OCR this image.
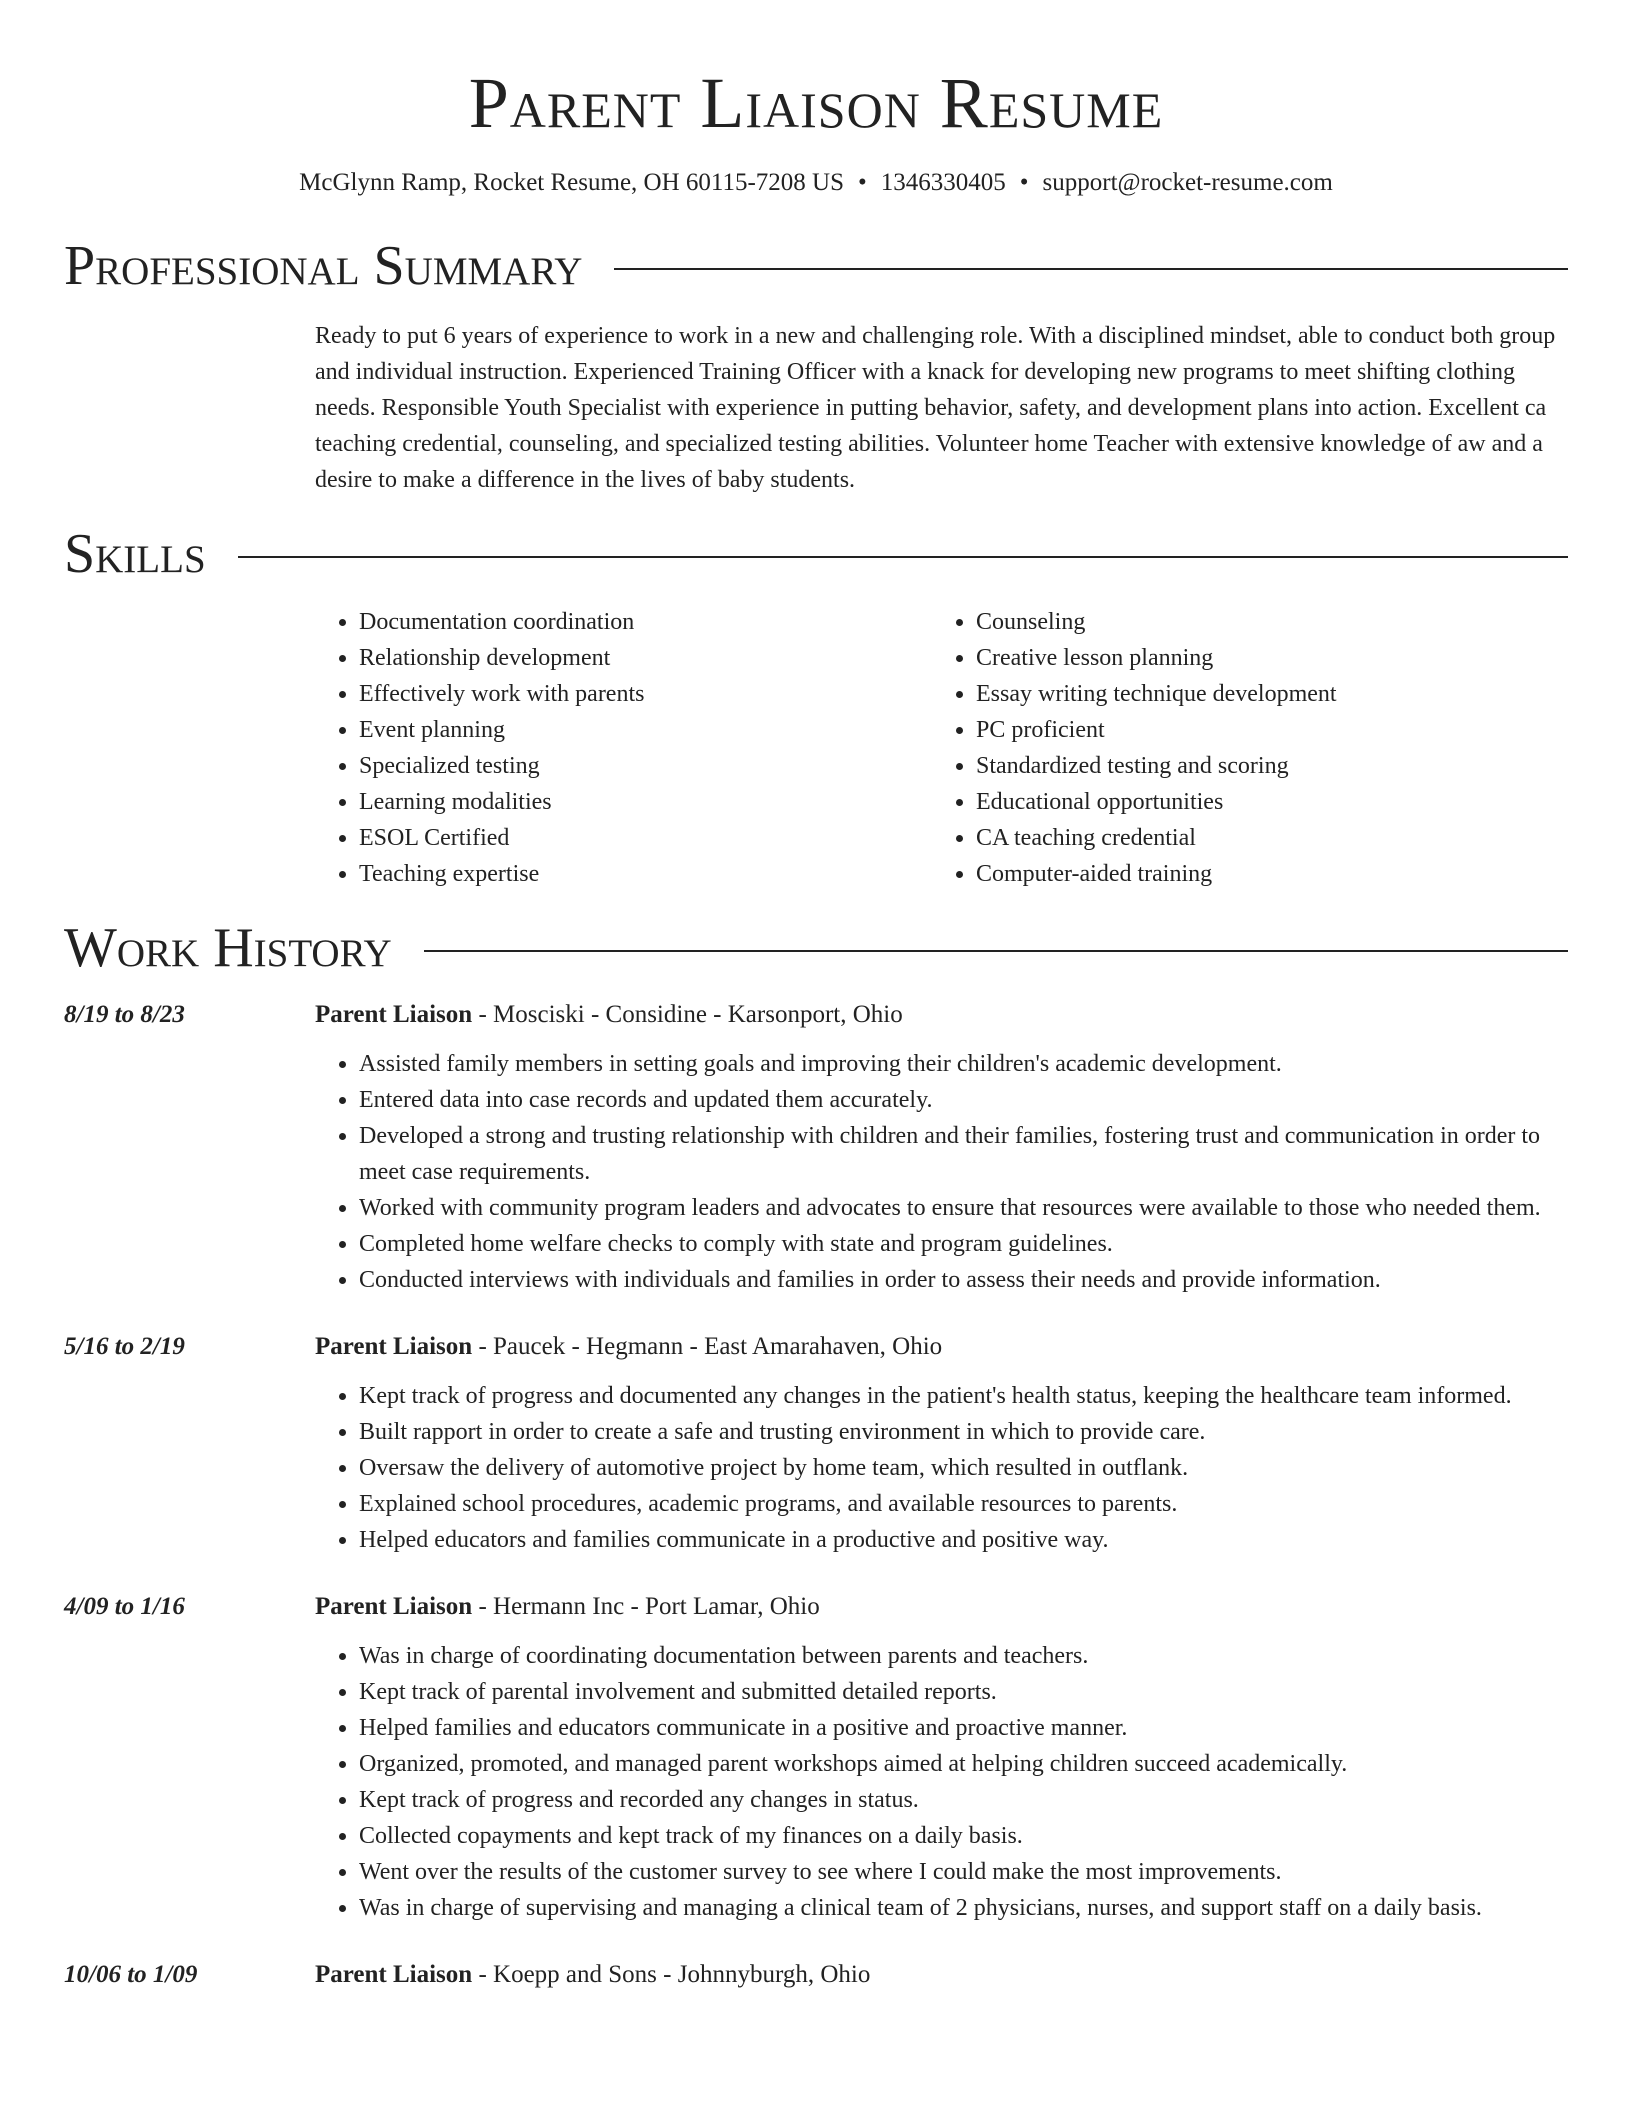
Parent Liaison Resume
McGlynn Ramp, Rocket Resume, OH 60115-7208 US • 1346330405 • support@rocket-resume.com
Professional Summary

Ready to put 6 years of experience to work in a new and challenging role. With a disciplined mindset, able to conduct both group and individual instruction. Experienced Training Officer with a knack for developing new programs to meet shifting clothing needs. Responsible Youth Specialist with experience in putting behavior, safety, and development plans into action. Excellent ca teaching credential, counseling, and specialized testing abilities. Volunteer home Teacher with extensive knowledge of aw and a desire to make a difference in the lives of baby students.

Skills
• Documentation coordination
• Relationship development
• Effectively work with parents
• Event planning
• Specialized testing
• Learning modalities
• ESOL Certified
• Teaching expertise
• Counseling
• Creative lesson planning
• Essay writing technique development
• PC proficient
• Standardized testing and scoring
• Educational opportunities
• CA teaching credential
• Computer-aided training
Work History
8/19 to 8/23	Parent Liaison - Mosciski - Considine - Karsonport, Ohio
• Assisted family members in setting goals and improving their children's academic development.
• Entered data into case records and updated them accurately.
• Developed a strong and trusting relationship with children and their families, fostering trust and communication in order to meet case requirements.
• Worked with community program leaders and advocates to ensure that resources were available to those who needed them.
• Completed home welfare checks to comply with state and program guidelines.
• Conducted interviews with individuals and families in order to assess their needs and provide information.
5/16 to 2/19	Parent Liaison - Paucek - Hegmann - East Amarahaven, Ohio
• Kept track of progress and documented any changes in the patient's health status, keeping the healthcare team informed.
• Built rapport in order to create a safe and trusting environment in which to provide care.
• Oversaw the delivery of automotive project by home team, which resulted in outflank.
• Explained school procedures, academic programs, and available resources to parents.
• Helped educators and families communicate in a productive and positive way.
4/09 to 1/16	Parent Liaison - Hermann Inc - Port Lamar, Ohio
• Was in charge of coordinating documentation between parents and teachers.
• Kept track of parental involvement and submitted detailed reports.
• Helped families and educators communicate in a positive and proactive manner.
• Organized, promoted, and managed parent workshops aimed at helping children succeed academically.
• Kept track of progress and recorded any changes in status.
• Collected copayments and kept track of my finances on a daily basis.
• Went over the results of the customer survey to see where I could make the most improvements.
• Was in charge of supervising and managing a clinical team of 2 physicians, nurses, and support staff on a daily basis.
10/06 to 1/09	Parent Liaison - Koepp and Sons - Johnnyburgh, Ohio
